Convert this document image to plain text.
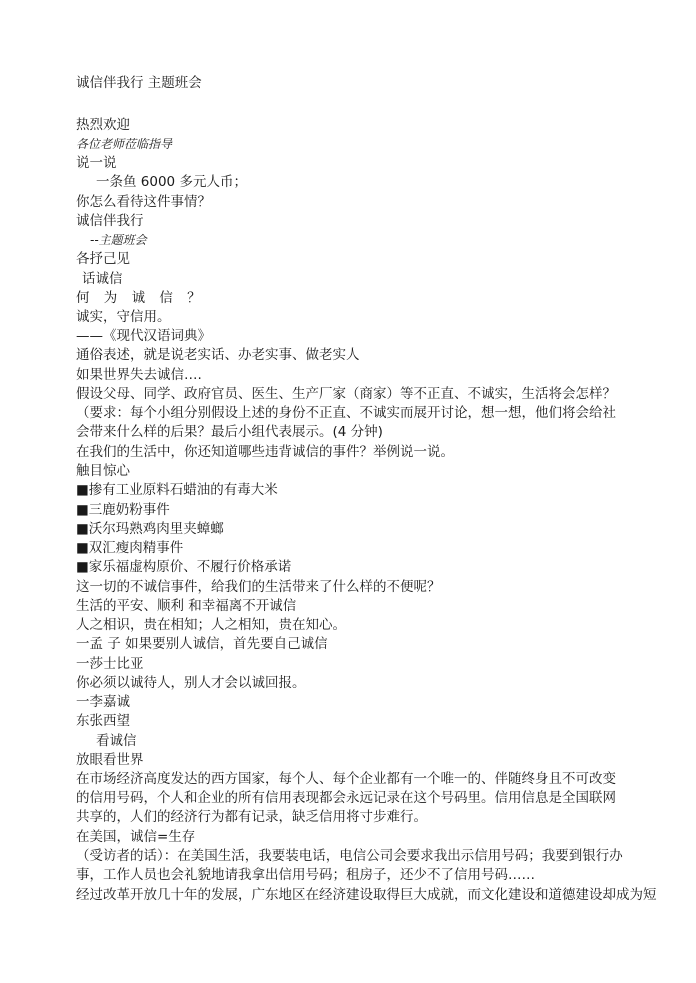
诚信伴我行 主题班会
热烈欢迎
各位老师莅临指导
说一说
一条鱼 6000 多元人币；
你怎么看待这件事情？
诚信伴我行
--主题班会
各抒己见
话诚信
何 为 诚 信 ？
诚实，守信用。
——《现代汉语词典》
通俗表述，就是说老实话、办老实事、做老实人
如果世界失去诚信….
假设父母、同学、政府官员、医生、生产厂家（商家）等不正直、不诚实，生活将会怎样？
（要求：每个小组分别假设上述的身份不正直、不诚实而展开讨论，想一想，他们将会给社会带来什么样的后果？最后小组代表展示。(4 分钟)
在我们的生活中，你还知道哪些违背诚信的事件？举例说一说。
触目惊心
■掺有工业原料石蜡油的有毒大米
■三鹿奶粉事件
■沃尔玛熟鸡肉里夹蟑螂
■双汇瘦肉精事件
■家乐福虚构原价、不履行价格承诺
这一切的不诚信事件，给我们的生活带来了什么样的不便呢？
生活的平安、顺利 和幸福离不开诚信
人之相识，贵在相知；人之相知，贵在知心。
一孟 子 如果要别人诚信，首先要自己诚信
一莎士比亚
你必须以诚待人，别人才会以诚回报。
一李嘉诚
东张西望
看诚信
放眼看世界
在市场经济高度发达的西方国家，每个人、每个企业都有一个唯一的、伴随终身且不可改变的信用号码，个人和企业的所有信用表现都会永远记录在这个号码里。信用信息是全国联网共享的，人们的经济行为都有记录，缺乏信用将寸步难行。
在美国，诚信=生存
（受访者的话）：在美国生活，我要装电话，电信公司会要求我出示信用号码；我要到银行办事，工作人员也会礼貌地请我拿出信用号码；租房子，还少不了信用号码……
经过改革开放几十年的发展，广东地区在经济建设取得巨大成就，而文化建设和道德建设却成为短
